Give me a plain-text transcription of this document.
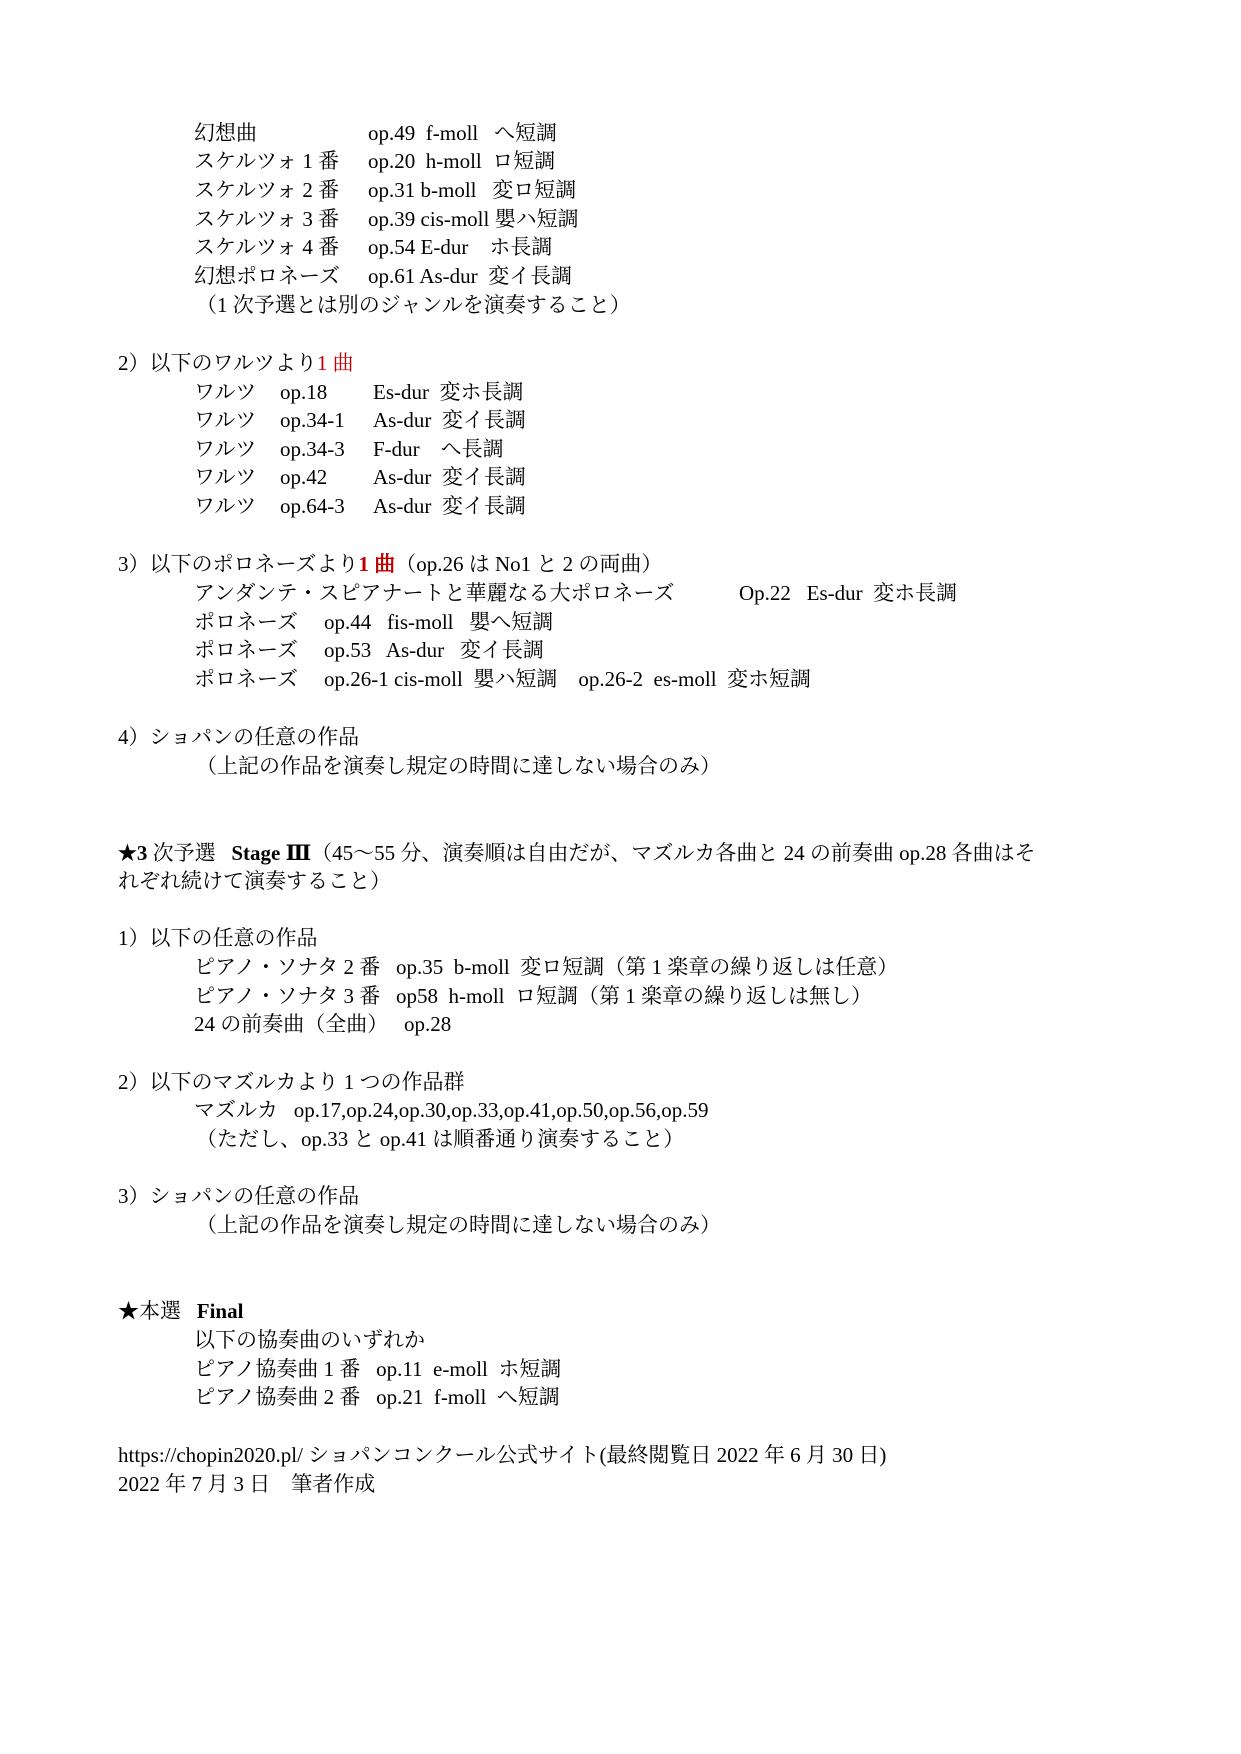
幻想曲	op.49  f-moll   へ短調
スケルツォ 1 番 op.20  h-moll  ロ短調
スケルツォ 2 番 op.31 b-moll   変ロ短調
スケルツォ 3 番 op.39 cis-moll 嬰ハ短調
スケルツォ 4 番 op.54 E-dur    ホ長調
幻想ポロネーズ op.61 As-dur  変イ長調
（1 次予選とは別のジャンルを演奏すること）
2）以下のワルツより1 曲
ワルツ op.18 Es-dur  変ホ長調
ワルツ op.34-1 As-dur  変イ長調
ワルツ op.34-3 F-dur    へ長調
ワルツ op.42 As-dur  変イ長調
ワルツ op.64-3 As-dur  変イ長調
3）以下のポロネーズより1 曲（op.26 は No1 と 2 の両曲）
アンダンテ・スピアナートと華麗なる大ポロネーズ	Op.22   Es-dur  変ホ長調
ポロネーズ op.44   fis-moll   嬰へ短調
ポロネーズ op.53   As-dur   変イ長調
ポロネーズ op.26-1 cis-moll  嬰ハ短調    op.26-2  es-moll  変ホ短調
4）ショパンの任意の作品
（上記の作品を演奏し規定の時間に達しない場合のみ）
★3 次予選 Stage Ⅲ（45～55 分、演奏順は自由だが、マズルカ各曲と 24 の前奏曲 op.28 各曲はそ
れぞれ続けて演奏すること）
1）以下の任意の作品
ピアノ・ソナタ 2 番   op.35  b-moll  変ロ短調（第 1 楽章の繰り返しは任意）
ピアノ・ソナタ 3 番   op58  h-moll  ロ短調（第 1 楽章の繰り返しは無し）
24 の前奏曲（全曲）   op.28
2）以下のマズルカより 1 つの作品群
マズルカ   op.17,op.24,op.30,op.33,op.41,op.50,op.56,op.59
（ただし、op.33 と op.41 は順番通り演奏すること）
3）ショパンの任意の作品
（上記の作品を演奏し規定の時間に達しない場合のみ）
★本選 Final
以下の協奏曲のいずれか
ピアノ協奏曲 1 番   op.11  e-moll  ホ短調
ピアノ協奏曲 2 番   op.21  f-moll  へ短調
https://chopin2020.pl/ ショパンコンクール公式サイト(最終閲覧日 2022 年 6 月 30 日)
2022 年 7 月 3 日    筆者作成
